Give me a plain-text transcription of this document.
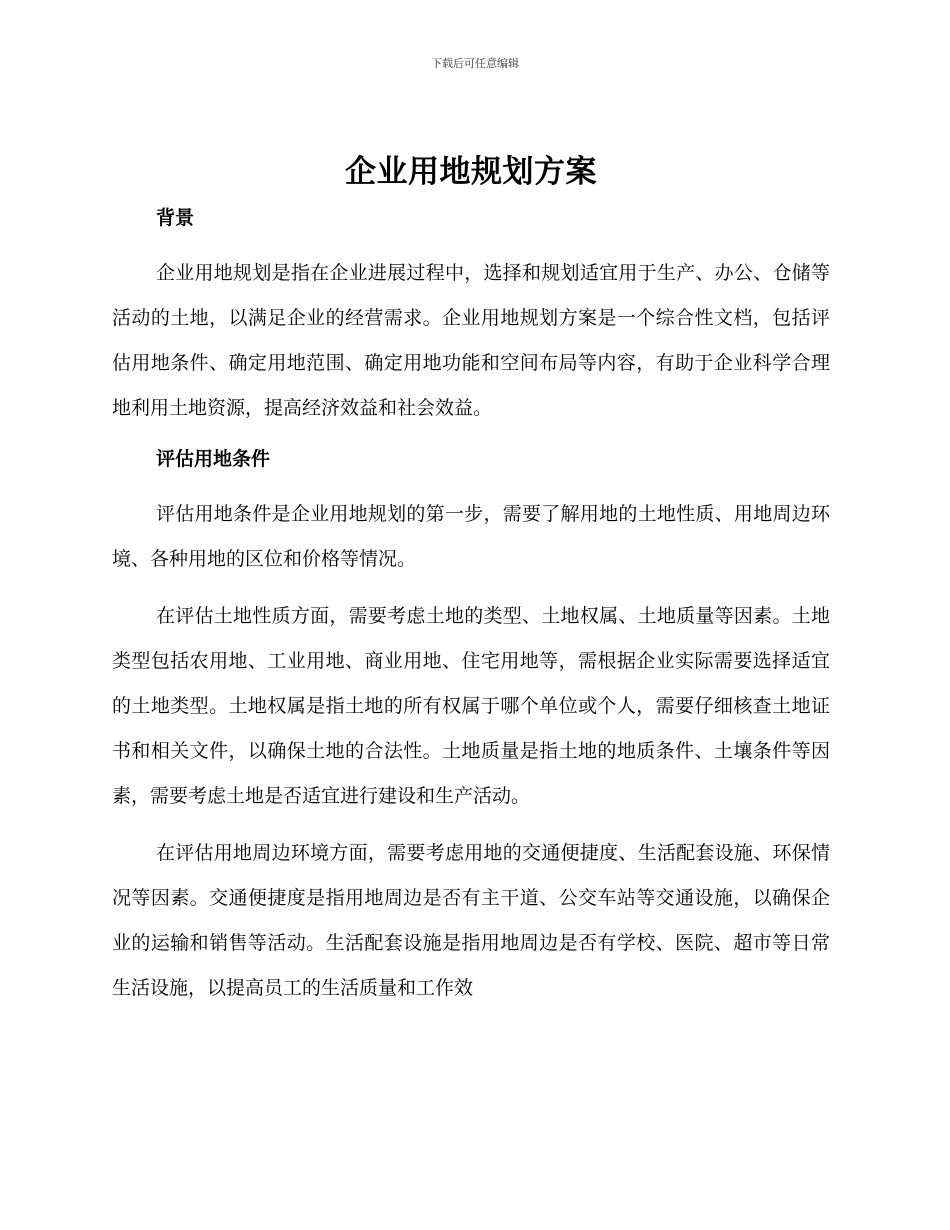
下载后可任意编辑
企业用地规划方案
背景

企业用地规划是指在企业进展过程中，选择和规划适宜用于生产、办公、仓储等活动的土地，以满足企业的经营需求。企业用地规划方案是一个综合性文档，包括评估用地条件、确定用地范围、确定用地功能和空间布局等内容，有助于企业科学合理地利用土地资源，提高经济效益和社会效益。

评估用地条件

评估用地条件是企业用地规划的第一步，需要了解用地的土地性质、用地周边环境、各种用地的区位和价格等情况。

在评估土地性质方面，需要考虑土地的类型、土地权属、土地质量等因素。土地类型包括农用地、工业用地、商业用地、住宅用地等，需根据企业实际需要选择适宜的土地类型。土地权属是指土地的所有权属于哪个单位或个人，需要仔细核查土地证书和相关文件，以确保土地的合法性。土地质量是指土地的地质条件、土壤条件等因素，需要考虑土地是否适宜进行建设和生产活动。

在评估用地周边环境方面，需要考虑用地的交通便捷度、生活配套设施、环保情况等因素。交通便捷度是指用地周边是否有主干道、公交车站等交通设施，以确保企业的运输和销售等活动。生活配套设施是指用地周边是否有学校、医院、超市等日常生活设施，以提高员工的生活质量和工作效
